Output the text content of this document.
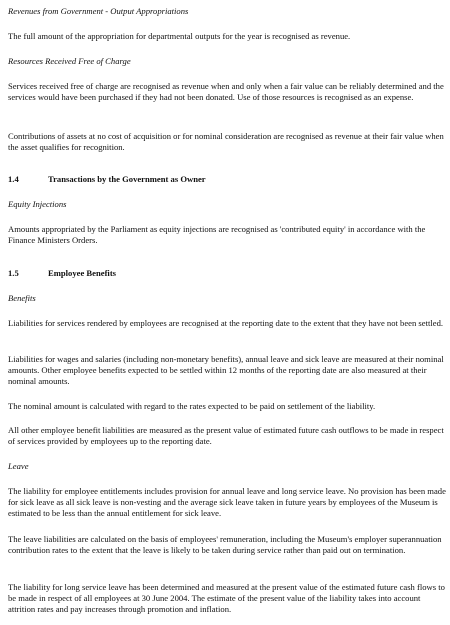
Revenues from Government - Output Appropriations

The full amount of the appropriation for departmental outputs for the year is recognised as revenue.

Resources Received Free of Charge

Services received free of charge are recognised as revenue when and only when a fair value can be reliably determined and the services would have been purchased if they had not been donated. Use of those resources is recognised as an expense.

Contributions of assets at no cost of acquisition or for nominal consideration are recognised as revenue at their fair value when the asset qualifies for recognition.

1.4	Transactions by the Government as Owner

Equity Injections

Amounts appropriated by the Parliament as equity injections are recognised as 'contributed equity' in accordance with the Finance Ministers Orders.

1.5	Employee Benefits

Benefits

Liabilities for services rendered by employees are recognised at the reporting date to the extent that they have not been settled.

Liabilities for wages and salaries (including non-monetary benefits), annual leave and sick leave are measured at their nominal amounts. Other employee benefits expected to be settled within 12 months of the reporting date are also measured at their nominal amounts.

The nominal amount is calculated with regard to the rates expected to be paid on settlement of the liability.

All other employee benefit liabilities are measured as the present value of estimated future cash outflows to be made in respect of services provided by employees up to the reporting date.

Leave

The liability for employee entitlements includes provision for annual leave and long service leave. No provision has been made for sick leave as all sick leave is non-vesting and the average sick leave taken in future years by employees of the Museum is estimated to be less than the annual entitlement for sick leave.

The leave liabilities are calculated on the basis of employees' remuneration, including the Museum's employer superannuation contribution rates to the extent that the leave is likely to be taken during service rather than paid out on termination.

The liability for long service leave has been determined and measured at the present value of the estimated future cash flows to be made in respect of all employees at 30 June 2004. The estimate of the present value of the liability takes into account attrition rates and pay increases through promotion and inflation.
